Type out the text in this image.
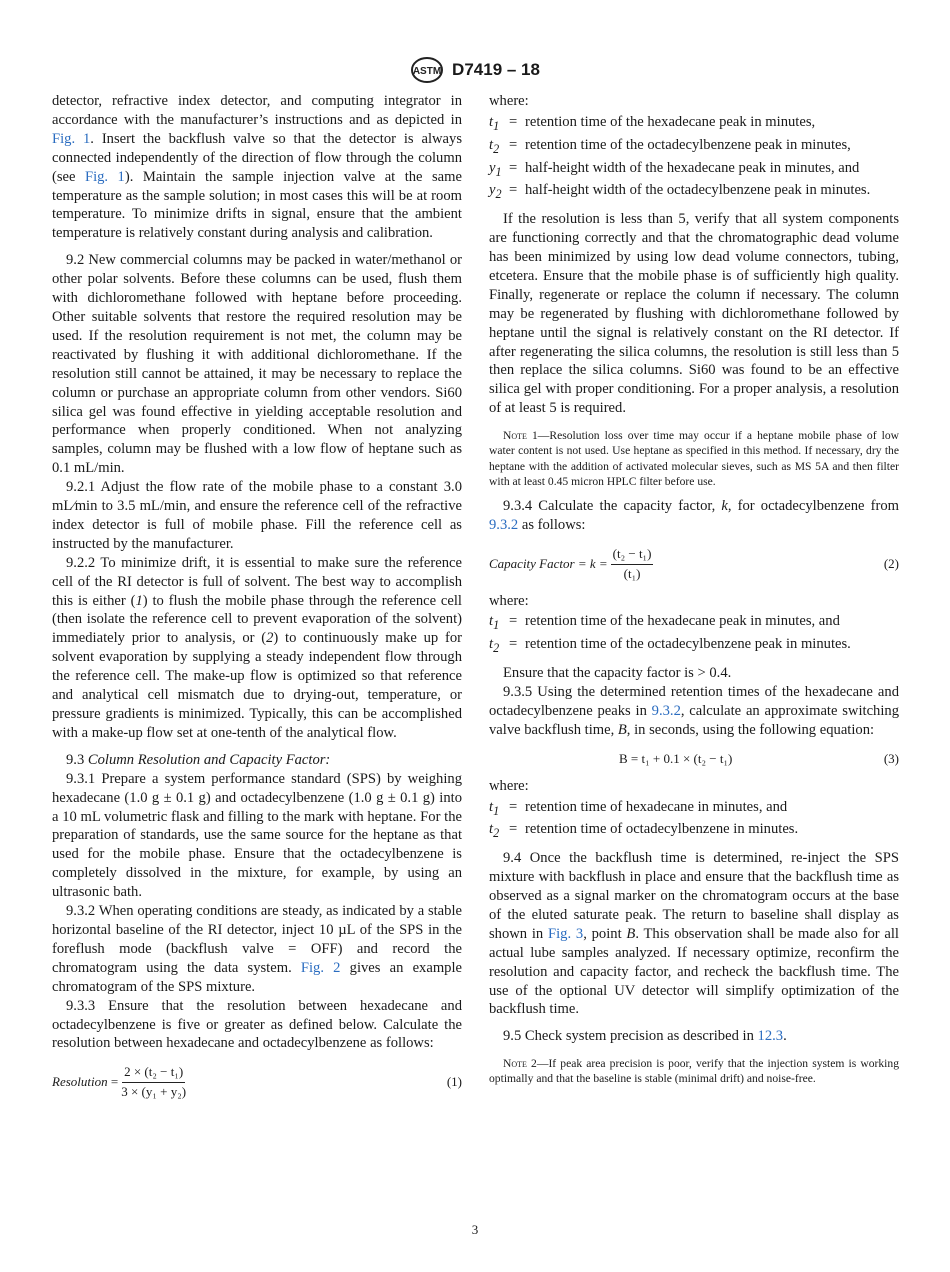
ASTM D7419 – 18

detector, refractive index detector, and computing integrator in accordance with the manufacturer’s instructions and as depicted in Fig. 1. Insert the backflush valve so that the detector is always connected independently of the direction of flow through the column (see Fig. 1). Maintain the sample injection valve at the same temperature as the sample solution; in most cases this will be at room temperature. To minimize drifts in signal, ensure that the ambient temperature is relatively constant during analysis and calibration.

9.2 New commercial columns may be packed in water/methanol or other polar solvents. Before these columns can be used, flush them with dichloromethane followed with heptane before proceeding. Other suitable solvents that restore the required resolution may be used. If the resolution requirement is not met, the column may be reactivated by flushing it with additional dichloromethane. If the resolution still cannot be attained, it may be necessary to replace the column or purchase an appropriate column from other vendors. Si60 silica gel was found effective in yielding acceptable resolution and performance when properly conditioned. When not analyzing samples, column may be flushed with a low flow of heptane such as 0.1 mL/min.

9.2.1 Adjust the flow rate of the mobile phase to a constant 3.0 mL⁄min to 3.5 mL/min, and ensure the reference cell of the refractive index detector is full of mobile phase. Fill the reference cell as instructed by the manufacturer.

9.2.2 To minimize drift, it is essential to make sure the reference cell of the RI detector is full of solvent. The best way to accomplish this is either (1) to flush the mobile phase through the reference cell (then isolate the reference cell to prevent evaporation of the solvent) immediately prior to analysis, or (2) to continuously make up for solvent evaporation by supplying a steady independent flow through the reference cell. The make-up flow is optimized so that reference and analytical cell mismatch due to drying-out, temperature, or pressure gradients is minimized. Typically, this can be accomplished with a make-up flow set at one-tenth of the analytical flow.

9.3 Column Resolution and Capacity Factor:

9.3.1 Prepare a system performance standard (SPS) by weighing hexadecane (1.0 g ± 0.1 g) and octadecylbenzene (1.0 g ± 0.1 g) into a 10 mL volumetric flask and filling to the mark with heptane. For the preparation of standards, use the same source for the heptane as that used for the mobile phase. Ensure that the octadecylbenzene is completely dissolved in the mixture, for example, by using an ultrasonic bath.

9.3.2 When operating conditions are steady, as indicated by a stable horizontal baseline of the RI detector, inject 10 µL of the SPS in the foreflush mode (backflush valve = OFF) and record the chromatogram using the data system. Fig. 2 gives an example chromatogram of the SPS mixture.

9.3.3 Ensure that the resolution between hexadecane and octadecylbenzene is five or greater as defined below. Calculate the resolution between hexadecane and octadecylbenzene as follows:

Resolution = $\frac{\text{2 × (t₂ − t₁)}}{\text{3 × (y₁ + y₂)}}$	(1)
where:
$t_1$ = retention time of the hexadecane peak in minutes,
$t_2$ = retention time of the octadecylbenzene peak in minutes,
$y_1$ = half-height width of the hexadecane peak in minutes, and
$y_2$ = half-height width of the octadecylbenzene peak in minutes.

If the resolution is less than 5, verify that all system components are functioning correctly and that the chromatographic dead volume has been minimized by using low dead volume connectors, tubing, etcetera. Ensure that the mobile phase is of sufficiently high quality. Finally, regenerate or replace the column if necessary. The column may be regenerated by flushing with dichloromethane followed by heptane until the signal is relatively constant on the RI detector. If after regenerating the silica columns, the resolution is still less than 5 then replace the silica columns. Si60 was found to be an effective silica gel with proper conditioning. For a proper analysis, a resolution of at least 5 is required.

Note 1—Resolution loss over time may occur if a heptane mobile phase of low water content is not used. Use heptane as specified in this method. If necessary, dry the heptane with the addition of activated molecular sieves, such as MS 5A and then filter with at least 0.45 micron HPLC filter before use.

9.3.4 Calculate the capacity factor, k, for octadecylbenzene from 9.3.2 as follows:

Capacity Factor = $k = \frac{\text{(t₂ − t₁)}}{\text{(t₁)}}$	(2)
where:
$t_1$ = retention time of the hexadecane peak in minutes, and
$t_2$ = retention time of the octadecylbenzene peak in minutes.

Ensure that the capacity factor is > 0.4.

9.3.5 Using the determined retention times of the hexadecane and octadecylbenzene peaks in 9.3.2, calculate an approximate switching valve backflush time, B, in seconds, using the following equation:

B = t₁ + 0.1 × (t₂ − t₁)	(3)
where:
$t_1$ = retention time of hexadecane in minutes, and
$t_2$ = retention time of octadecylbenzene in minutes.

9.4 Once the backflush time is determined, re-inject the SPS mixture with backflush in place and ensure that the backflush time as observed as a signal marker on the chromatogram occurs at the base of the eluted saturate peak. The return to baseline shall display as shown in Fig. 3, point B. This observation shall be made also for all actual lube samples analyzed. If necessary optimize, reconfirm the resolution and capacity factor, and recheck the backflush time. The use of the optional UV detector will simplify optimization of the backflush time.

9.5 Check system precision as described in 12.3.

Note 2—If peak area precision is poor, verify that the injection system is working optimally and that the baseline is stable (minimal drift) and noise-free.
3
